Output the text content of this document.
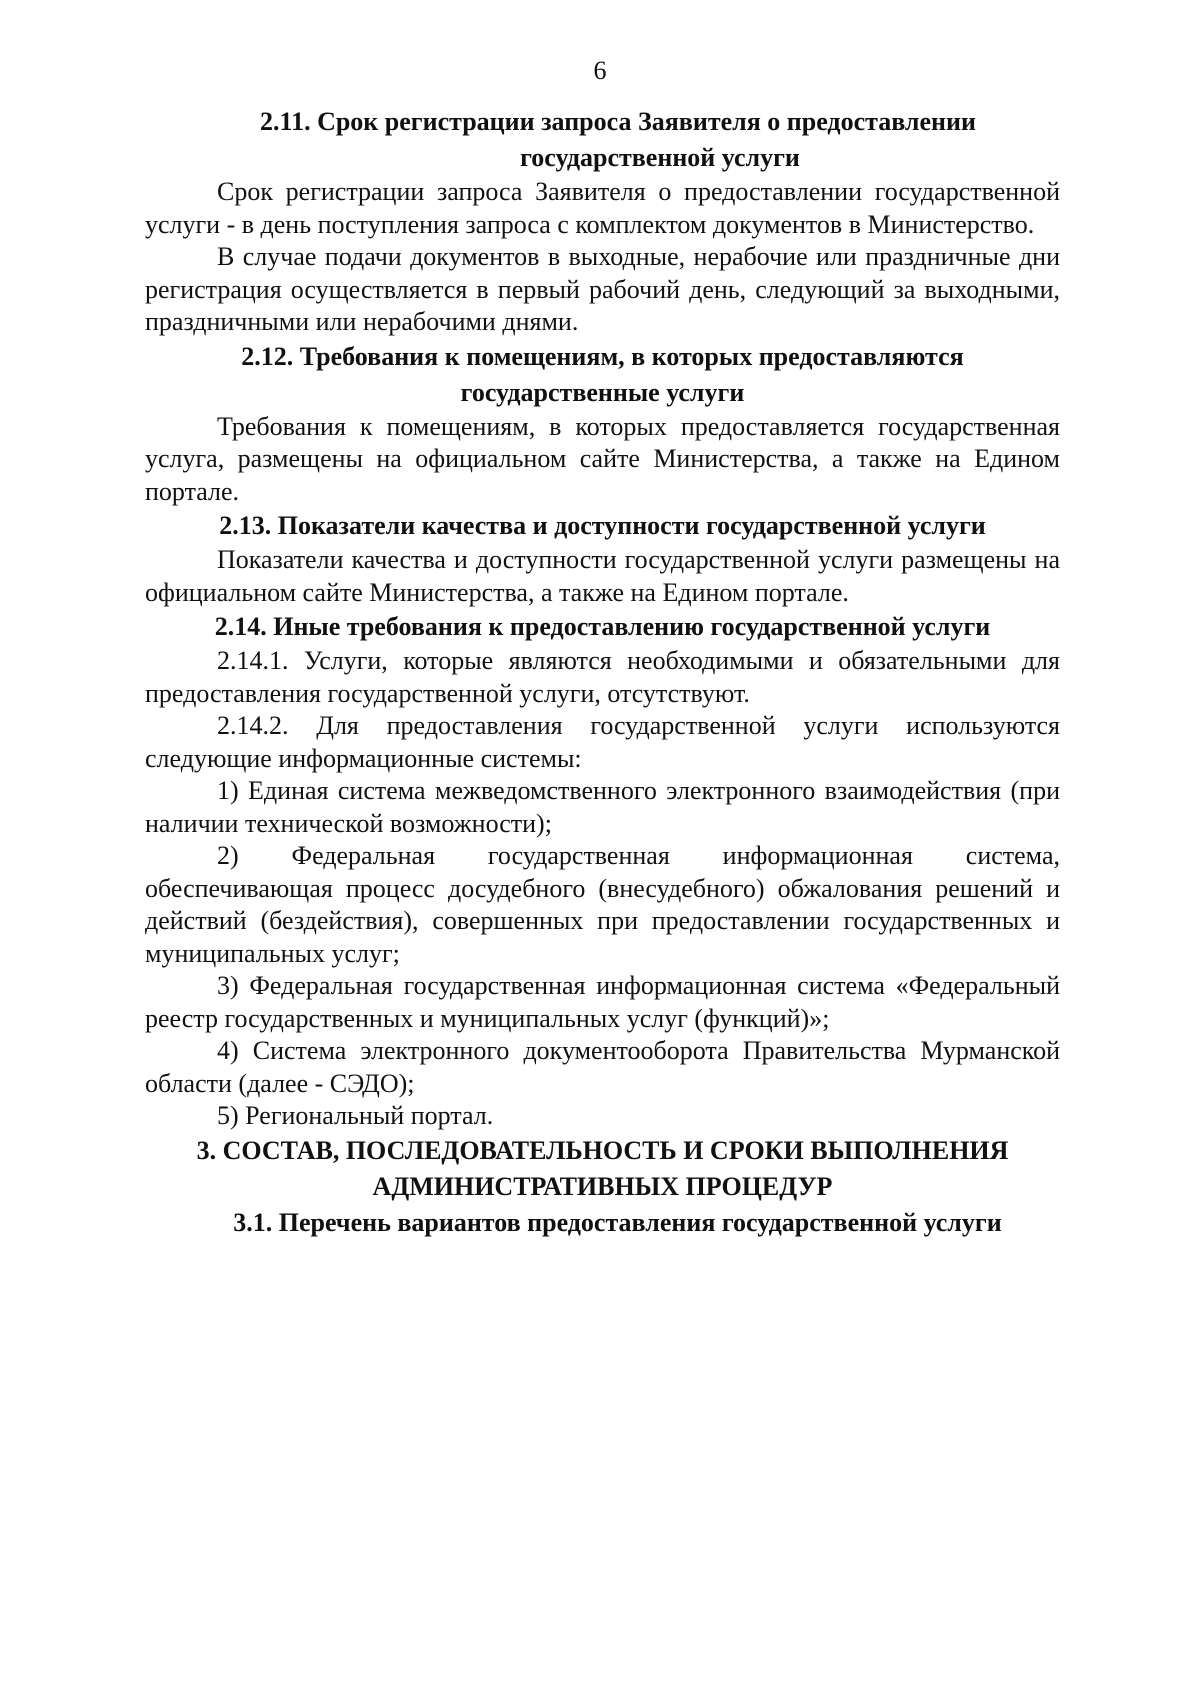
6
2.11. Срок регистрации запроса Заявителя о предоставлении
государственной услуги

Срок регистрации запроса Заявителя о предоставлении государственной услуги - в день поступления запроса с комплектом документов в Министерство.

В случае подачи документов в выходные, нерабочие или праздничные дни регистрация осуществляется в первый рабочий день, следующий за выходными, праздничными или нерабочими днями.

2.12. Требования к помещениям, в которых предоставляются
государственные услуги

Требования к помещениям, в которых предоставляется государственная услуга, размещены на официальном сайте Министерства, а также на Едином портале.

2.13. Показатели качества и доступности государственной услуги

Показатели качества и доступности государственной услуги размещены на официальном сайте Министерства, а также на Едином портале.

2.14. Иные требования к предоставлению государственной услуги

2.14.1. Услуги, которые являются необходимыми и обязательными для предоставления государственной услуги, отсутствуют.

2.14.2. Для предоставления государственной услуги используются следующие информационные системы:

1) Единая система межведомственного электронного взаимодействия (при наличии технической возможности);

2) Федеральная государственная информационная система, обеспечивающая процесс досудебного (внесудебного) обжалования решений и действий (бездействия), совершенных при предоставлении государственных и муниципальных услуг;

3) Федеральная государственная информационная система «Федеральный реестр государственных и муниципальных услуг (функций)»;

4) Система электронного документооборота Правительства Мурманской области (далее - СЭДО);

5) Региональный портал.

3. СОСТАВ, ПОСЛЕДОВАТЕЛЬНОСТЬ И СРОКИ ВЫПОЛНЕНИЯ
АДМИНИСТРАТИВНЫХ ПРОЦЕДУР
3.1. Перечень вариантов предоставления государственной услуги
